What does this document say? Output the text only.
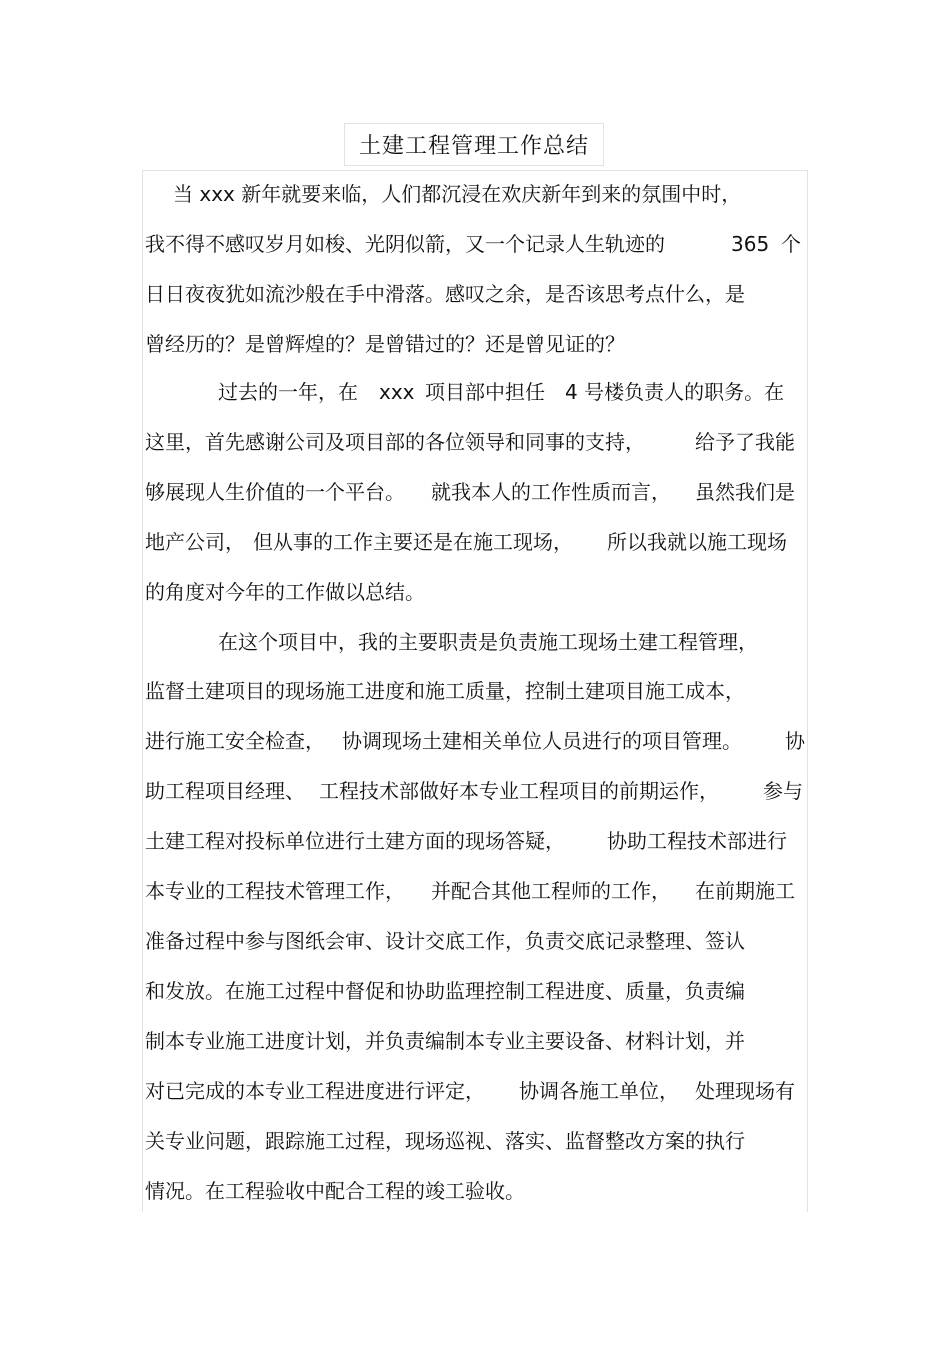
土建工程管理工作总结
当 xxx 新年就要来临，人们都沉浸在欢庆新年到来的氛围中时，
我不得不感叹岁月如梭、光阴似箭，又一个记录人生轨迹的	365 个
日日夜夜犹如流沙般在手中滑落。感叹之余，是否该思考点什么，是
曾经历的？是曾辉煌的？是曾错过的？还是曾见证的？
过去的一年，在 xxx 项目部中担任 4 号楼负责人的职务。在
这里，首先感谢公司及项目部的各位领导和同事的支持，	给予了我能
够展现人生价值的一个平台。 就我本人的工作性质而言， 虽然我们是
地产公司， 但从事的工作主要还是在施工现场， 所以我就以施工现场
的角度对今年的工作做以总结。
在这个项目中，我的主要职责是负责施工现场土建工程管理，
监督土建项目的现场施工进度和施工质量，控制土建项目施工成本，
进行施工安全检查， 协调现场土建相关单位人员进行的项目管理。 协
助工程项目经理、 工程技术部做好本专业工程项目的前期运作， 参与
土建工程对投标单位进行土建方面的现场答疑， 协助工程技术部进行
本专业的工程技术管理工作， 并配合其他工程师的工作， 在前期施工
准备过程中参与图纸会审、设计交底工作，负责交底记录整理、签认
和发放。在施工过程中督促和协助监理控制工程进度、质量，负责编
制本专业施工进度计划，并负责编制本专业主要设备、材料计划，并
对已完成的本专业工程进度进行评定， 协调各施工单位， 处理现场有
关专业问题，跟踪施工过程，现场巡视、落实、监督整改方案的执行
情况。在工程验收中配合工程的竣工验收。
